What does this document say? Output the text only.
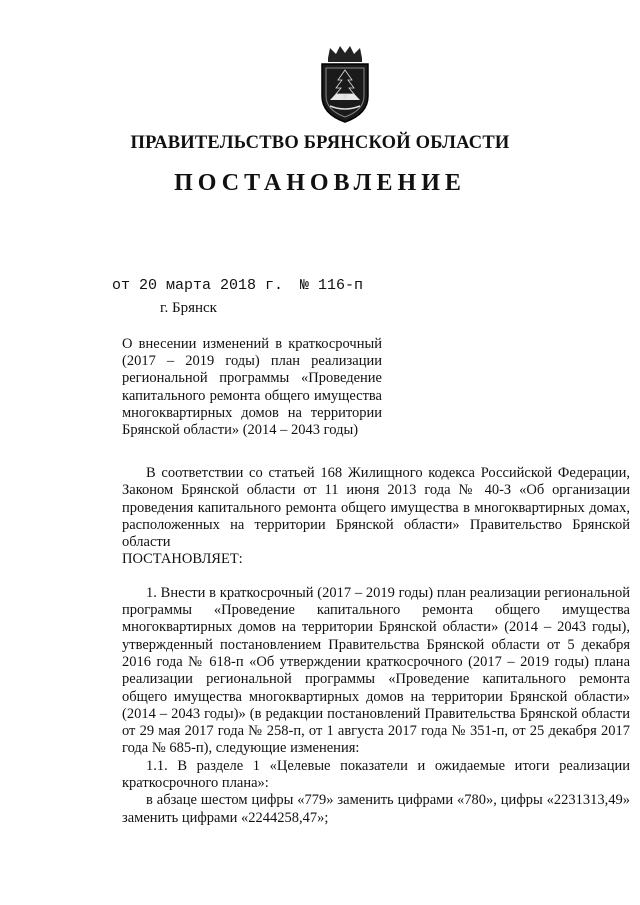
ПРАВИТЕЛЬСТВО БРЯНСКОЙ ОБЛАСТИ
ПОСТАНОВЛЕНИЕ
от 20 марта 2018 г. № 116-п
г. Брянск
О внесении изменений в краткосрочный (2017 – 2019 годы) план реализации региональной программы «Проведение капитального ремонта общего имущества многоквартирных домов на территории Брянской области» (2014 – 2043 годы)

В соответствии со статьей 168 Жилищного кодекса Российской Федерации, Законом Брянской области от 11 июня 2013 года № 40-З «Об организации проведения капитального ремонта общего имущества в многоквартирных домах, расположенных на территории Брянской области» Правительство Брянской области

ПОСТАНОВЛЯЕТ:

1. Внести в краткосрочный (2017 – 2019 годы) план реализации региональной программы «Проведение капитального ремонта общего имущества многоквартирных домов на территории Брянской области» (2014 – 2043 годы), утвержденный постановлением Правительства Брянской области от 5 декабря 2016 года № 618-п «Об утверждении краткосрочного (2017 – 2019 годы) плана реализации региональной программы «Проведение капитального ремонта общего имущества многоквартирных домов на территории Брянской области» (2014 – 2043 годы)» (в редакции постановлений Правительства Брянской области от 29 мая 2017 года № 258-п, от 1 августа 2017 года № 351-п, от 25 декабря 2017 года № 685-п), следующие изменения:

1.1. В разделе 1 «Целевые показатели и ожидаемые итоги реализации краткосрочного плана»:

в абзаце шестом цифры «779» заменить цифрами «780», цифры «2231313,49» заменить цифрами «2244258,47»;
